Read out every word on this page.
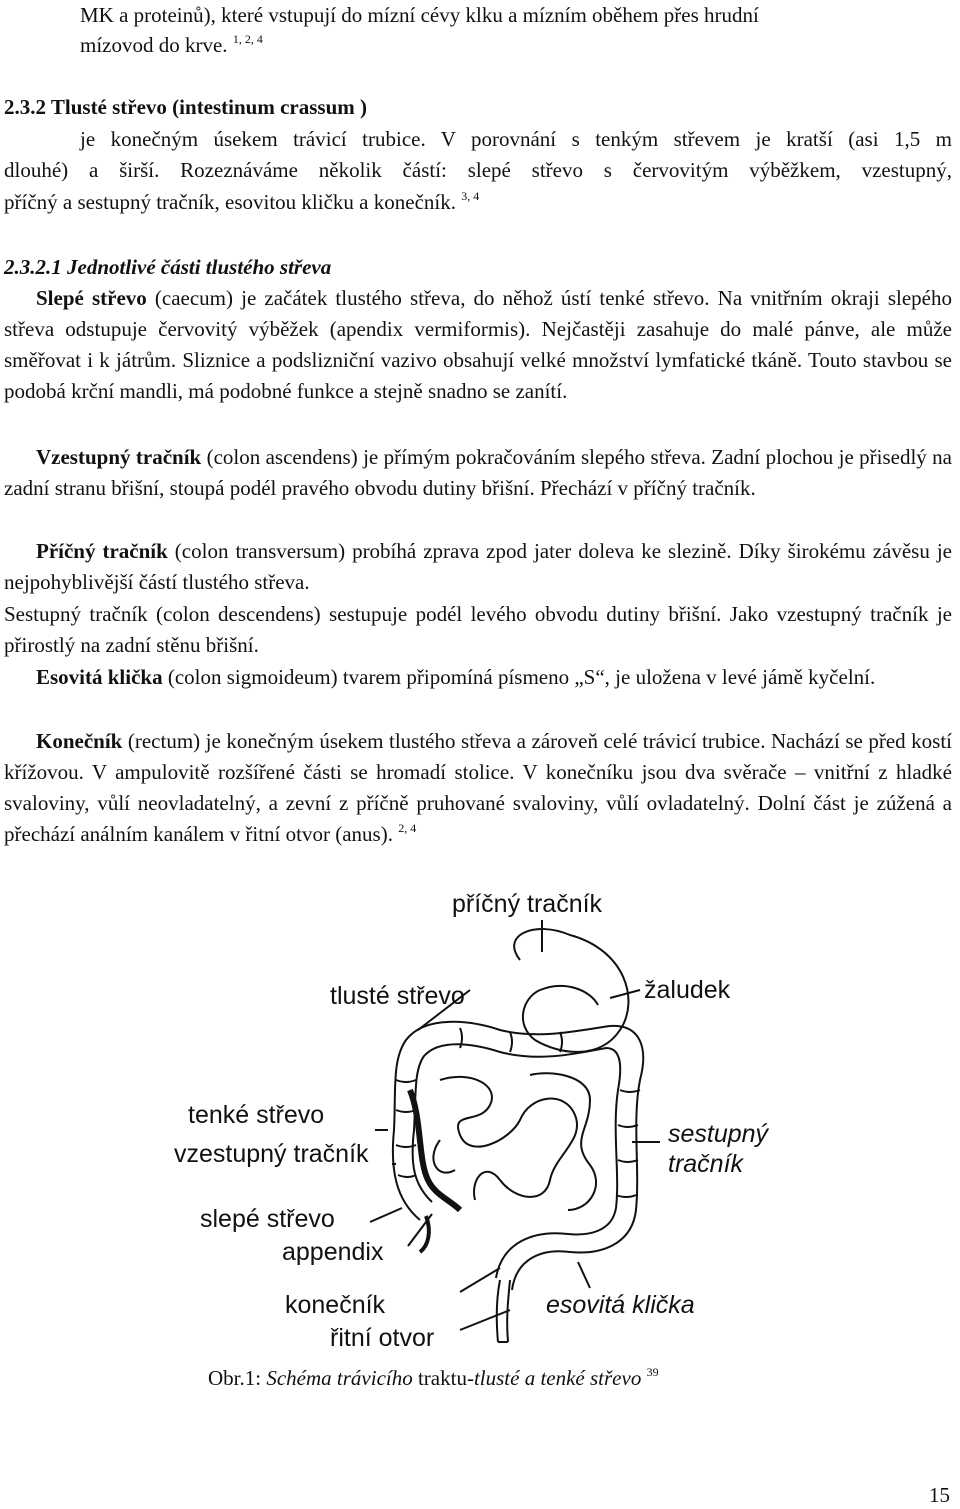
MK a proteinů), které vstupují do mízní cévy klku a mízním oběhem přes hrudní

mízovod do krve. $^{1, 2, 4}$

2.3.2 Tlusté střevo (intestinum crassum )

je konečným úsekem trávicí trubice. V porovnání s tenkým střevem je kratší (asi 1,5 m

dlouhé) a širší. Rozeznáváme několik částí: slepé střevo s červovitým výběžkem, vzestupný,

příčný a sestupný tračník, esovitou kličku a konečník. $^{3, 4}$

2.3.2.1 Jednotlivé části tlustého střeva

Slepé střevo (caecum) je začátek tlustého střeva, do něhož ústí tenké střevo. Na vnitřním okraji slepého střeva odstupuje červovitý výběžek (apendix vermiformis). Nejčastěji zasahuje do malé pánve, ale může směřovat i k játrům. Sliznice a podslizniční vazivo obsahují velké množství lymfatické tkáně. Touto stavbou se podobá krční mandli, má podobné funkce a stejně snadno se zanítí.

Vzestupný tračník (colon ascendens) je přímým pokračováním slepého střeva. Zadní plochou je přisedlý na zadní stranu břišní, stoupá podél pravého obvodu dutiny břišní. Přechází v příčný tračník.

Příčný tračník (colon transversum) probíhá zprava zpod jater doleva ke slezině. Díky širokému závěsu je nejpohyblivější částí tlustého střeva.

Sestupný tračník (colon descendens) sestupuje podél levého obvodu dutiny břišní. Jako vzestupný tračník je přirostlý na zadní stěnu břišní.

Esovitá klička (colon sigmoideum) tvarem připomíná písmeno „S“, je uložena v levé jámě kyčelní.

Konečník (rectum) je konečným úsekem tlustého střeva a zároveň celé trávicí trubice. Nachází se před kostí křížovou. V ampulovitě rozšířené části se hromadí stolice. V konečníku jsou dva svěrače – vnitřní z hladké svaloviny, vůlí neovladatelný, a zevní z příčně pruhované svaloviny, vůlí ovladatelný. Dolní část je zúžená a přechází análním kanálem v řitní otvor (anus). $^{2, 4}$

příčný tračník
tlusté střevo	žaludek
tenké střevo
vzestupný tračník
sestupný
tračník
slepé střevo
appendix
konečník	esovitá klička
řitní otvor

Obr.1: Schéma trávicího traktu-tlusté a tenké střevo $^{39}$

15
